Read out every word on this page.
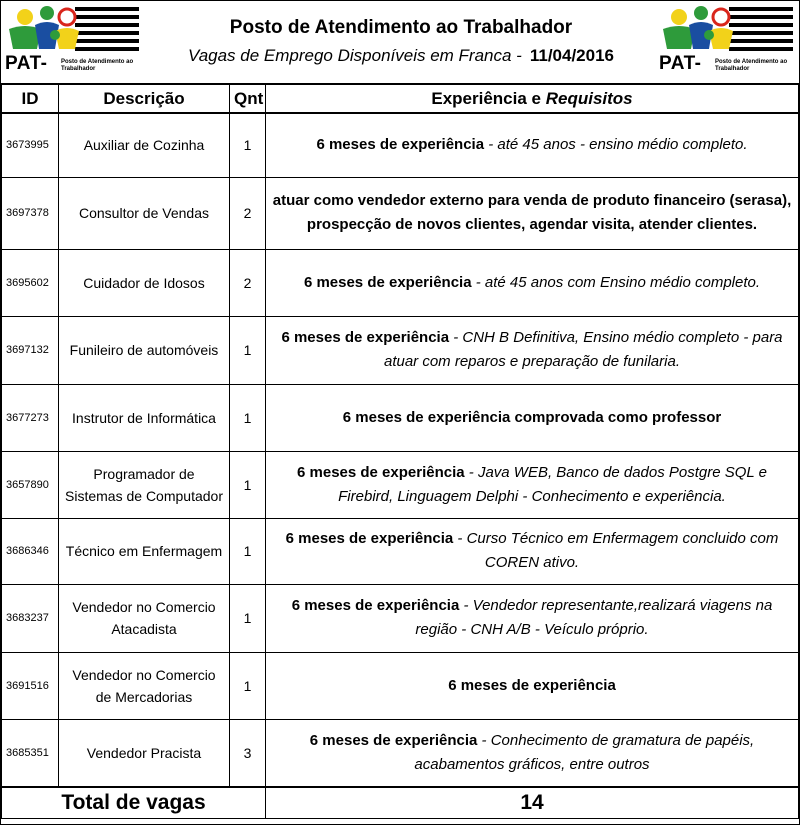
PAT- Posto de Atendimento ao Trabalhador
Posto de Atendimento ao Trabalhador
Vagas de Emprego Disponíveis em Franca - 11/04/2016	PAT- Posto de Atendimento ao Trabalhador
ID	Descrição	Qnt	Experiência e Requisitos
3673995	Auxiliar de Cozinha	1	6 meses de experiência - até 45 anos - ensino médio completo.
3697378	Consultor de Vendas	2	atuar como vendedor externo para venda de produto financeiro (serasa), prospecção de novos clientes, agendar visita, atender clientes.
3695602	Cuidador de Idosos	2	6 meses de experiência - até 45 anos com Ensino médio completo.
3697132	Funileiro de automóveis	1	6 meses de experiência - CNH B Definitiva, Ensino médio completo - para atuar com reparos e preparação de funilaria.
3677273	Instrutor de Informática	1	6 meses de experiência comprovada como professor
3657890	Programador de Sistemas de Computador	1	6 meses de experiência - Java WEB, Banco de dados Postgre SQL e Firebird, Linguagem Delphi - Conhecimento e experiência.
3686346	Técnico em Enfermagem	1	6 meses de experiência - Curso Técnico em Enfermagem concluido com COREN ativo.
3683237	Vendedor no Comercio Atacadista	1	6 meses de experiência - Vendedor representante,realizará viagens na região - CNH A/B - Veículo próprio.
3691516	Vendedor no Comercio de Mercadorias	1	6 meses de experiência
3685351	Vendedor Pracista	3	6 meses de experiência - Conhecimento de gramatura de papéis, acabamentos gráficos, entre outros
Total de vagas			14
